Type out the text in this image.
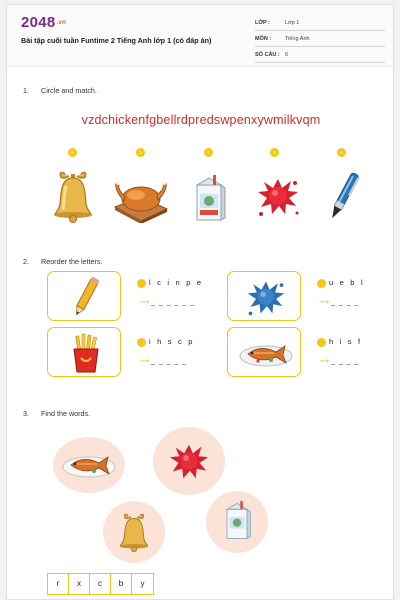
2048.vn
Bài tập cuối tuần Funtime 2 Tiếng Anh lớp 1 (có đáp án)
LỚP :	Lớp 1
MÔN :	Tiếng Anh
SỐ CÂU : 6
1. Circle and match.
vzdchickenfgbellrdpredswpenxywmilkvqm
a	b	c	d	e
2. Reorder the letters.
l c i n p e
⟶ _ _ _ _ _ _
u e b l
⟶ _ _ _ _
i h s c p
⟶ _ _ _ _ _
h i s f
⟶ _ _ _ _
3. Find the words.
r	x	c	b	y
